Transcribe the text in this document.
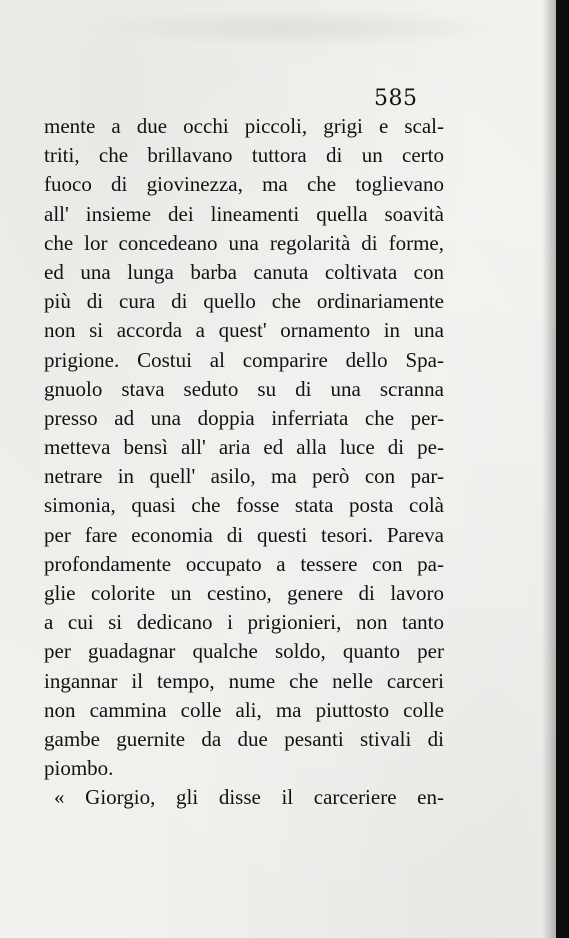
585
mente a due occhi piccoli, grigi e scal-
triti, che brillavano tuttora di un certo
fuoco di giovinezza, ma che toglievano
all' insieme dei lineamenti quella soavità
che lor concedeano una regolarità di forme,
ed una lunga barba canuta coltivata con
più di cura di quello che ordinariamente
non si accorda a quest' ornamento in una
prigione. Costui al comparire dello Spa-
gnuolo stava seduto su di una scranna
presso ad una doppia inferriata che per-
metteva bensì all' aria ed alla luce di pe-
netrare in quell' asilo, ma però con par-
simonia, quasi che fosse stata posta colà
per fare economia di questi tesori. Pareva
profondamente occupato a tessere con pa-
glie colorite un cestino, genere di lavoro
a cui si dedicano i prigionieri, non tanto
per guadagnar qualche soldo, quanto per
ingannar il tempo, nume che nelle carceri
non cammina colle ali, ma piuttosto colle
gambe guernite da due pesanti stivali di
piombo.
« Giorgio, gli disse il carceriere en-
